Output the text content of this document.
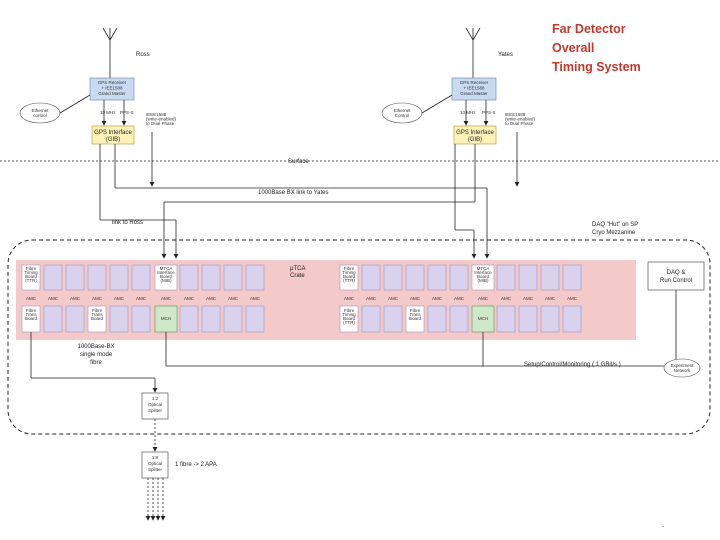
Far Detector
Overall
Timing System
Ross
GPS Receiver + IEE1588 Grand Master
Ethernet control
10 MHz PPS-S	IEEE1588 (write-enabled) to Dual Phase
GPS Interface (GIB)
Yates
GPS Receiver + IEE1588 Grand Master
Ethernet Control
10 MHz PPS-S IEEE1588 (write-enabled) to Dual Phase
GPS Interface (GIB)
Surface
1000Base BX link to Yates
link to Ross	DAQ "Hut" on SP Cryo Mezzanine
μTCA Crate
Fibre Timing Board (TTR)
MTCA Interface Board (MIB)
AMC	AMC	AMC	AMC	AMC	AMC	AMC	AMC	AMC	AMC	AMC
Fibre Trans Board
Fibre Trans Board	MCH
Fibre Timing Board (TTR)
MTCA Interface Board (MIB)
AMC	AMC	AMC	AMC	AMC	AMC	AMC	AMC	AMC	AMC	AMC
Fibre Timing Board (TTR)
Fibre Trans Board	MCH
DAQ & Run Control
Experiment Network
Setup/Control/Monitoring ( 1 GBit/s )
1000Base-BX single mode fibre
1:2 Optical Splitter
1:8 Optical Splitter
1 fibre -> 2 APA
-
